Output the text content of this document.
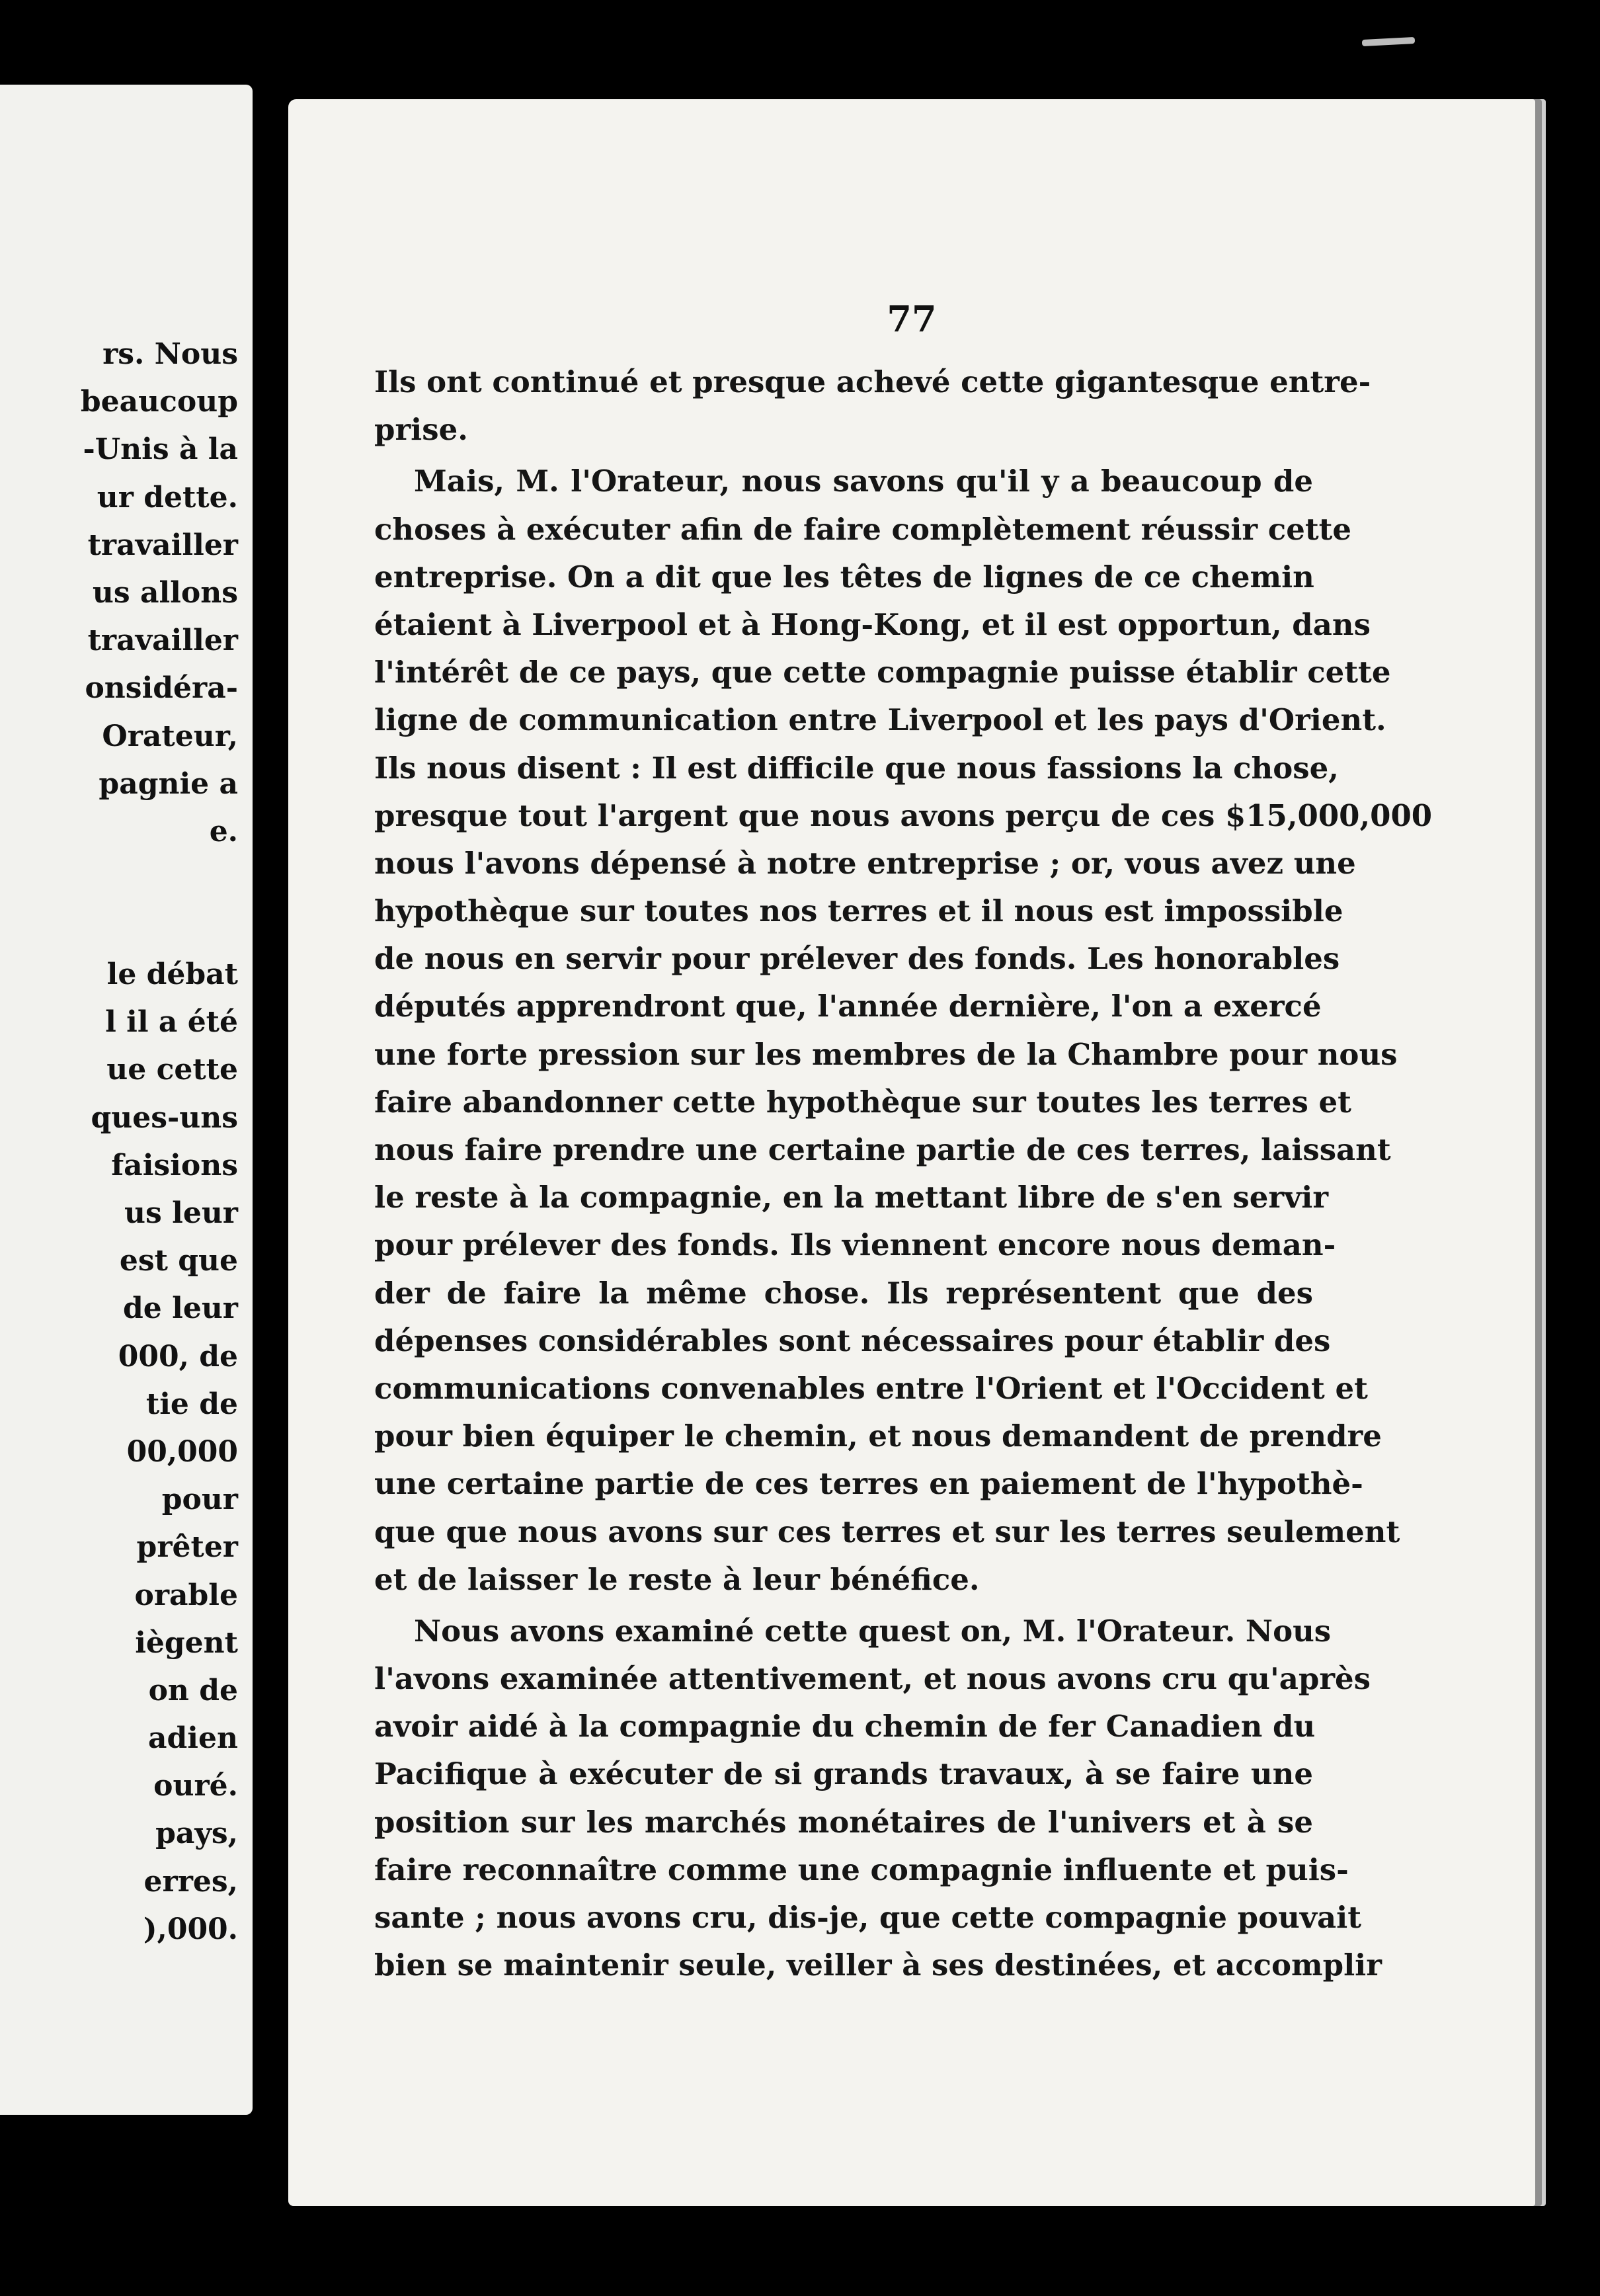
rs. Nous
beaucoup
-Unis à la
ur dette.
travailler
us allons
travailler
onsidéra-
Orateur,
pagnie a
e.
le débat
l il a été
ue cette
ques-uns
faisions
us leur
est que
de leur
000, de
tie de
00,000
pour
prêter
orable
iègent
on de
adien
ouré.
pays,
erres,
),000.
77
Ils ont continué et presque achevé cette gigantesque entre-
prise.
Mais, M. l'Orateur, nous savons qu'il y a beaucoup de
choses à exécuter afin de faire complètement réussir cette
entreprise. On a dit que les têtes de lignes de ce chemin
étaient à Liverpool et à Hong-Kong, et il est opportun, dans
l'intérêt de ce pays, que cette compagnie puisse établir cette
ligne de communication entre Liverpool et les pays d'Orient.
Ils nous disent : Il est difficile que nous fassions la chose,
presque tout l'argent que nous avons perçu de ces $15,000,000
nous l'avons dépensé à notre entreprise ; or, vous avez une
hypothèque sur toutes nos terres et il nous est impossible
de nous en servir pour prélever des fonds. Les honorables
députés apprendront que, l'année dernière, l'on a exercé
une forte pression sur les membres de la Chambre pour nous
faire abandonner cette hypothèque sur toutes les terres et
nous faire prendre une certaine partie de ces terres, laissant
le reste à la compagnie, en la mettant libre de s'en servir
pour prélever des fonds. Ils viennent encore nous deman-
der de faire la même chose. Ils représentent que des
dépenses considérables sont nécessaires pour établir des
communications convenables entre l'Orient et l'Occident et
pour bien équiper le chemin, et nous demandent de prendre
une certaine partie de ces terres en paiement de l'hypothè-
que que nous avons sur ces terres et sur les terres seulement
et de laisser le reste à leur bénéfice.
Nous avons examiné cette quest on, M. l'Orateur. Nous
l'avons examinée attentivement, et nous avons cru qu'après
avoir aidé à la compagnie du chemin de fer Canadien du
Pacifique à exécuter de si grands travaux, à se faire une
position sur les marchés monétaires de l'univers et à se
faire reconnaître comme une compagnie influente et puis-
sante ; nous avons cru, dis-je, que cette compagnie pouvait
bien se maintenir seule, veiller à ses destinées, et accomplir
